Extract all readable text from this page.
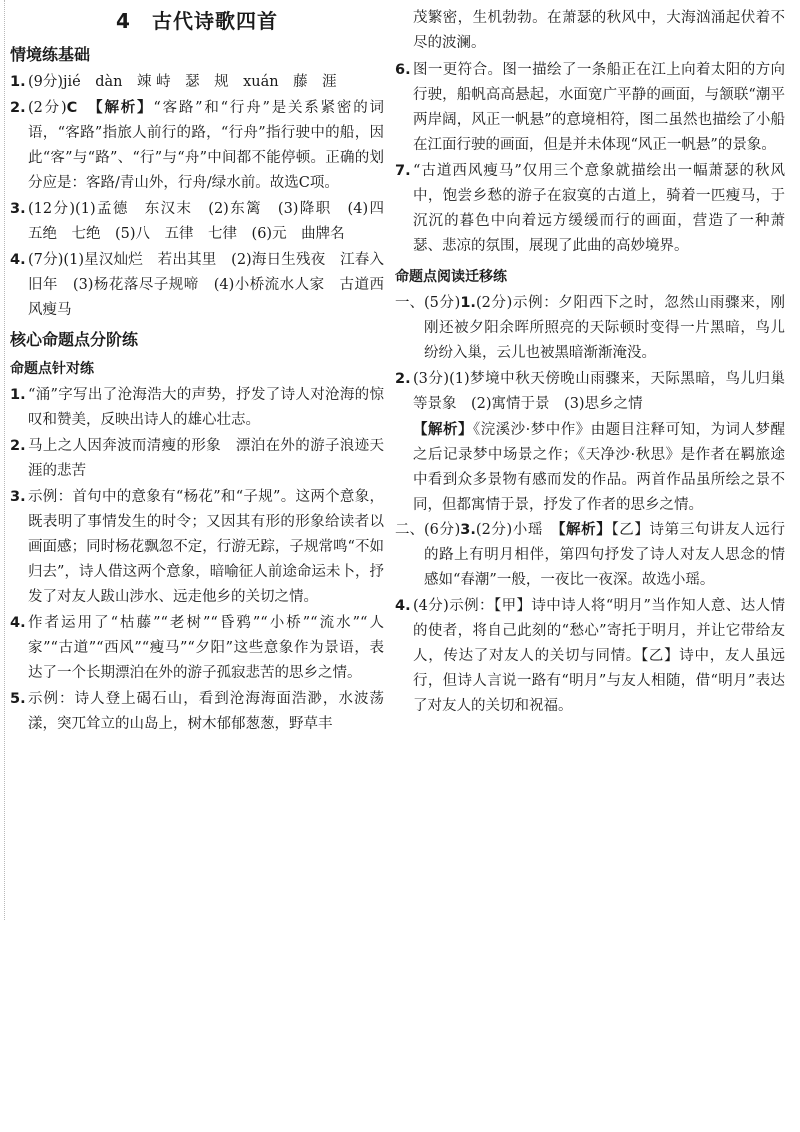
4　古代诗歌四首
情境练基础
1. (9分)jié　dàn　竦 峙　瑟　规　xuán　藤　涯
2. (2分)C　 【解析】“客路”和“行舟”是关系紧密的词语，“客路”指旅人前行的路，“行舟”指行驶中的船，因此“客”与“路”、“行”与“舟”中间都不能停顿。正确的划分应是：客路/青山外，行舟/绿水前。故选C项。
3. (12分)(1)孟德　东汉末　(2)东篱　(3)降职　(4)四　五绝　七绝　(5)八　五律　七律　(6)元　曲牌名
4. (7分)(1)星汉灿烂　若出其里　(2)海日生残夜　江春入旧年　(3)杨花落尽子规啼　(4)小桥流水人家　古道西风瘦马
核心命题点分阶练
命题点针对练
1. “涌”字写出了沧海浩大的声势，抒发了诗人对沧海的惊叹和赞美，反映出诗人的雄心壮志。
2. 马上之人因奔波而清瘦的形象　漂泊在外的游子浪迹天涯的悲苦
3. 示例：首句中的意象有“杨花”和“子规”。这两个意象，既表明了事情发生的时令；又因其有形的形象给读者以画面感；同时杨花飘忽不定，行游无踪，子规常鸣“不如归去”，诗人借这两个意象，暗喻征人前途命运未卜，抒发了对友人跋山涉水、远走他乡的关切之情。
4. 作者运用了“枯藤”“老树”“昏鸦”“小桥”“流水”“人家”“古道”“西风”“瘦马”“夕阳”这些意象作为景语，表达了一个长期漂泊在外的游子孤寂悲苦的思乡之情。
5. 示例：诗人登上碣石山，看到沧海海面浩渺，水波荡漾，突兀耸立的山岛上，树木郁郁葱葱，野草丰
茂繁密，生机勃勃。在萧瑟的秋风中，大海汹涌起伏着不尽的波澜。
6. 图一更符合。图一描绘了一条船正在江上向着太阳的方向行驶，船帆高高悬起，水面宽广平静的画面，与颔联“潮平两岸阔，风正一帆悬”的意境相符，图二虽然也描绘了小船在江面行驶的画面，但是并未体现“风正一帆悬”的景象。
7. “古道西风瘦马”仅用三个意象就描绘出一幅萧瑟的秋风中，饱尝乡愁的游子在寂寞的古道上，骑着一匹瘦马，于沉沉的暮色中向着远方缓缓而行的画面，营造了一种萧瑟、悲凉的氛围，展现了此曲的高妙境界。
命题点阅读迁移练
一、 (5分)1.(2分)示例：夕阳西下之时，忽然山雨骤来，刚刚还被夕阳余晖所照亮的天际顿时变得一片黑暗，鸟儿纷纷入巢，云儿也被黑暗渐渐淹没。
2. (3分)(1)梦境中秋天傍晚山雨骤来，天际黑暗，鸟儿归巢等景象　(2)寓情于景　(3)思乡之情
【解析】《浣溪沙·梦中作》由题目注释可知，为词人梦醒之后记录梦中场景之作；《天净沙·秋思》是作者在羁旅途中看到众多景物有感而发的作品。两首作品虽所绘之景不同，但都寓情于景，抒发了作者的思乡之情。
二、 (6分)3.(2分)小瑶　【解析】【乙】诗第三句讲友人远行的路上有明月相伴，第四句抒发了诗人对友人思念的情感如“春潮”一般，一夜比一夜深。故选小瑶。
4. (4分)示例：【甲】诗中诗人将“明月”当作知人意、达人情的使者，将自己此刻的“愁心”寄托于明月，并让它带给友人，传达了对友人的关切与同情。【乙】诗中，友人虽远行，但诗人言说一路有“明月”与友人相随，借“明月”表达了对友人的关切和祝福。
